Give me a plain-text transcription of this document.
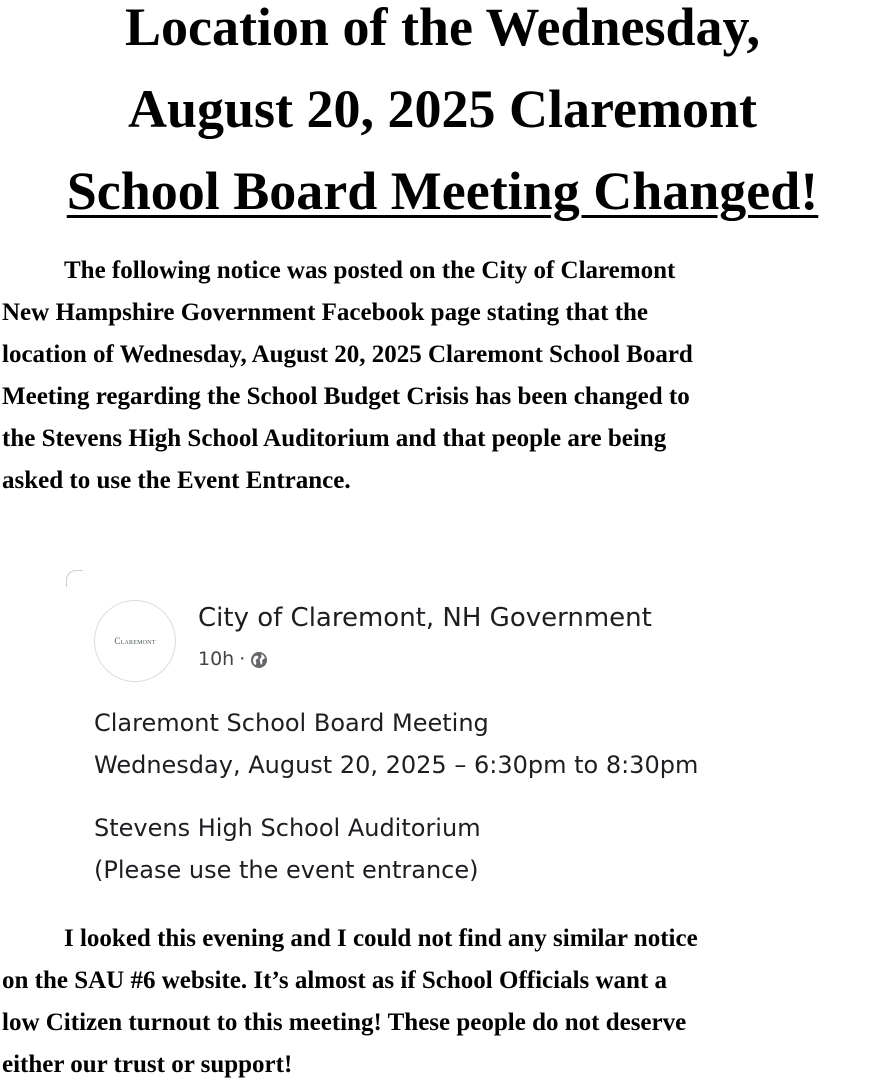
Location of the Wednesday,
August 20, 2025 Claremont
School Board Meeting Changed!
The following notice was posted on the City of Claremont
New Hampshire Government Facebook page stating that the
location of Wednesday, August 20, 2025 Claremont School Board
Meeting regarding the School Budget Crisis has been changed to
the Stevens High School Auditorium and that people are being
asked to use the Event Entrance.
Claremont
City of Claremont, NH Government
10h ·
Claremont School Board Meeting
Wednesday, August 20, 2025 – 6:30pm to 8:30pm
Stevens High School Auditorium
(Please use the event entrance)
I looked this evening and I could not find any similar notice
on the SAU #6 website. It’s almost as if School Officials want a
low Citizen turnout to this meeting! These people do not deserve
either our trust or support!
